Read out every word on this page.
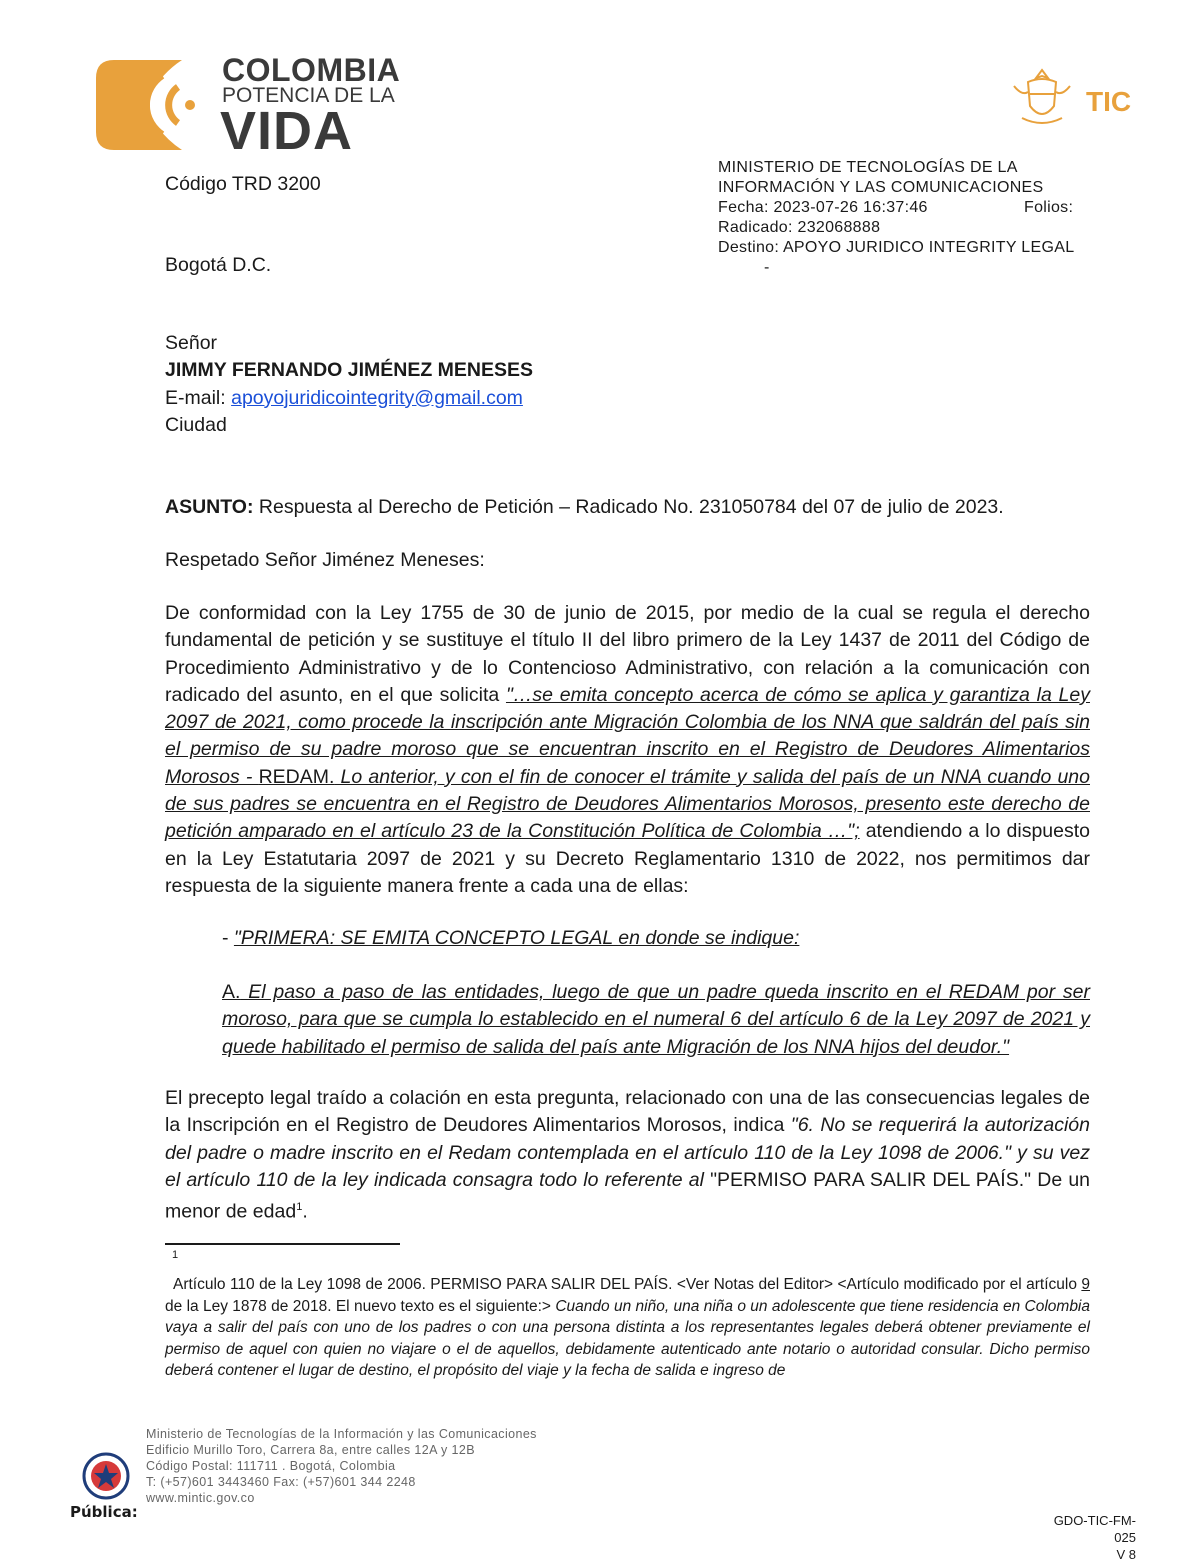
COLOMBIA
POTENCIA DE LA
VIDA	TIC
MINISTERIO DE TECNOLOGÍAS DE LA
INFORMACIÓN Y LAS COMUNICACIONES
Fecha: 2023-07-26 16:37:46	Folios:
Radicado: 232068888
Destino: APOYO JURIDICO INTEGRITY LEGAL
-
Código TRD 3200
Bogotá D.C.
Señor
JIMMY FERNANDO JIMÉNEZ MENESES
E-mail: apoyojuridicointegrity@gmail.com
Ciudad
ASUNTO: Respuesta al Derecho de Petición – Radicado No. 231050784 del 07 de julio de 2023.
Respetado Señor Jiménez Meneses:
De conformidad con la Ley 1755 de 30 de junio de 2015, por medio de la cual se regula el derecho fundamental de petición y se sustituye el título II del libro primero de la Ley 1437 de 2011 del Código de Procedimiento Administrativo y de lo Contencioso Administrativo, con relación a la comunicación con radicado del asunto, en el que solicita "…se emita concepto acerca de cómo se aplica y garantiza la Ley 2097 de 2021, como procede la inscripción ante Migración Colombia de los NNA que saldrán del país sin el permiso de su padre moroso que se encuentran inscrito en el Registro de Deudores Alimentarios Morosos - REDAM. Lo anterior, y con el fin de conocer el trámite y salida del país de un NNA cuando uno de sus padres se encuentra en el Registro de Deudores Alimentarios Morosos, presento este derecho de petición amparado en el artículo 23 de la Constitución Política de Colombia …"; atendiendo a lo dispuesto en la Ley Estatutaria 2097 de 2021 y su Decreto Reglamentario 1310 de 2022, nos permitimos dar respuesta de la siguiente manera frente a cada una de ellas:
- "PRIMERA: SE EMITA CONCEPTO LEGAL en donde se indique:
A. El paso a paso de las entidades, luego de que un padre queda inscrito en el REDAM por ser moroso, para que se cumpla lo establecido en el numeral 6 del artículo 6 de la Ley 2097 de 2021 y quede habilitado el permiso de salida del país ante Migración de los NNA hijos del deudor."
El precepto legal traído a colación en esta pregunta, relacionado con una de las consecuencias legales de la Inscripción en el Registro de Deudores Alimentarios Morosos, indica "6. No se requerirá la autorización del padre o madre inscrito en el Redam contemplada en el artículo 110 de la Ley 1098 de 2006." y su vez el artículo 110 de la ley indicada consagra todo lo referente al "PERMISO PARA SALIR DEL PAÍS." De un menor de edad$^1$.
1
Artículo 110 de la Ley 1098 de 2006. PERMISO PARA SALIR DEL PAÍS. <Ver Notas del Editor> <Artículo modificado por el artículo 9 de la Ley 1878 de 2018. El nuevo texto es el siguiente:> Cuando un niño, una niña o un adolescente que tiene residencia en Colombia vaya a salir del país con uno de los padres o con una persona distinta a los representantes legales deberá obtener previamente el permiso de aquel con quien no viajare o el de aquellos, debidamente autenticado ante notario o autoridad consular. Dicho permiso deberá contener el lugar de destino, el propósito del viaje y la fecha de salida e ingreso de
Ministerio de Tecnologías de la Información y las Comunicaciones
Edificio Murillo Toro, Carrera 8a, entre calles 12A y 12B
Código Postal: 111711 . Bogotá, Colombia
T: (+57)601 3443460 Fax: (+57)601 344 2248
www.mintic.gov.co
Pública:	GDO-TIC-FM-025
V 8
